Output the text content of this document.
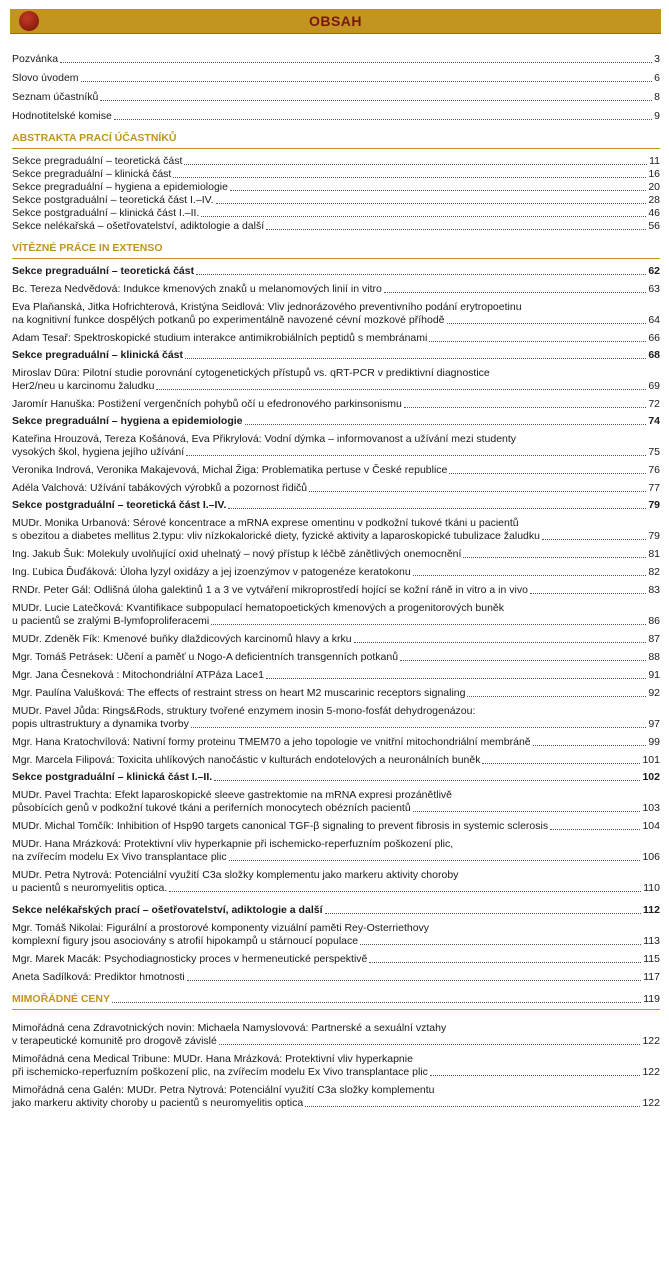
OBSAH
Pozvánka	3
Slovo úvodem	6
Seznam účastníků	8
Hodnotitelské komise	9
ABSTRAKTA PRACÍ ÚČASTNÍKŮ
Sekce pregraduální – teoretická část	11
Sekce pregraduální – klinická část	16
Sekce pregraduální – hygiena a epidemiologie	20
Sekce postgraduální – teoretická část I.–IV.	28
Sekce postgraduální – klinická část I.–II.	46
Sekce nelékařská – ošetřovatelství, adiktologie a další	56
VÍTĚZNÉ PRÁCE IN EXTENSO
Sekce pregraduální – teoretická část	62
Bc. Tereza Nedvědová: Indukce kmenových znaků u melanomových linií in vitro	63
Eva Plaňanská, Jitka Hofrichterová, Kristýna Seidlová: Vliv jednorázového preventivního podání erytropoetinu
na kognitivní funkce dospělých potkanů po experimentálně navozené cévní mozkové příhodě	64
Adam Tesař: Spektroskopické studium interakce antimikrobiálních peptidů s membránami	66
Sekce pregraduální – klinická část	68
Miroslav Dūra: Pilotní studie porovnání cytogenetických přístupů vs. qRT-PCR v prediktivní diagnostice
Her2/neu u karcinomu žaludku	69
Jaromír Hanuška: Postižení vergenčních pohybů očí u efedronového parkinsonismu	72
Sekce pregraduální – hygiena a epidemiologie	74
Kateřina Hrouzová, Tereza Košánová, Eva Přikrylová: Vodní dýmka – informovanost a užívání mezi studenty
vysokých škol, hygiena jejího užívání	75
Veronika Indrová, Veronika Makajevová, Michal Žiga: Problematika pertuse v České republice	76
Adéla Valchová: Užívání tabákových výrobků a pozornost řidičů	77
Sekce postgraduální – teoretická část I.–IV.	79
MUDr. Monika Urbanová: Sérové koncentrace a mRNA exprese omentinu v podkožní tukové tkáni u pacientů
s obezitou a diabetes mellitus 2.typu: vliv nízkokalorické diety, fyzické aktivity a laparoskopické tubulizace žaludku	79
Ing. Jakub Šuk: Molekuly uvolňující oxid uhelnatý – nový přístup k léčbě zánětlivých onemocnění	81
Ing. Ľubica Ďuďáková: Úloha lyzyl oxidázy a jej izoenzýmov v patogenéze keratokonu	82
RNDr. Peter Gál: Odlišná úloha galektinů 1 a 3 ve vytváření mikroprostředí hojící se kožní ráně in vitro a in vivo	83
MUDr. Lucie Latečková: Kvantifikace subpopulací hematopoetických kmenových a progenitorových buněk
u pacientů se zralými B-lymfoproliferacemi	86
MUDr. Zdeněk Fík: Kmenové buňky dlaždicových karcinomů hlavy a krku	87
Mgr. Tomáš Petrásek: Učení a paměť u Nogo-A deficientních transgenních potkanů	88
Mgr. Jana Česneková : Mitochondriální ATPáza Lace1	91
Mgr. Paulína Valušková: The effects of restraint stress on heart M2 muscarinic receptors signaling	92
MUDr. Pavel Jůda: Rings&Rods, struktury tvořené enzymem inosin 5-mono-fosfát dehydrogenázou:
popis ultrastruktury a dynamika tvorby	97
Mgr. Hana Kratochvílová: Nativní formy proteinu TMEM70 a jeho topologie ve vnitřní mitochondriální membráně	99
Mgr. Marcela Filipová: Toxicita uhlíkových nanočástic v kulturách endotelových a neuronálních buněk	101
Sekce postgraduální – klinická část I.–II.	102
MUDr. Pavel Trachta: Efekt laparoskopické sleeve gastrektomie na mRNA expresi prozánětlivě
působících genů v podkožní tukové tkáni a periferních monocytech obézních pacientů	103
MUDr. Michal Tomčík: Inhibition of Hsp90 targets canonical TGF-β signaling to prevent fibrosis in systemic sclerosis	104
MUDr. Hana Mrázková: Protektivní vliv hyperkapnie při ischemicko-reperfuzním poškození plic,
na zvířecím modelu Ex Vivo transplantace plic	106
MUDr. Petra Nytrová: Potenciální využití C3a složky komplementu jako markeru aktivity choroby
u pacientů s neuromyelitis optica.	110
Sekce nelékařských prací – ošetřovatelství, adiktologie a další	112
Mgr. Tomáš Nikolai: Figurální a prostorové komponenty vizuální paměti Rey-Osterriethovy
komplexní figury jsou asociovány s atrofií hipokampů u stárnoucí populace	113
Mgr. Marek Macák: Psychodiagnosticky proces v hermeneutické perspektivě	115
Aneta Sadílková: Prediktor hmotnosti	117
MIMOŘÁDNÉ CENY	119
Mimořádná cena Zdravotnických novin: Michaela Namyslovová: Partnerské a sexuální vztahy
v terapeutické komunitě pro drogově závislé	122
Mimořádná cena Medical Tribune: MUDr. Hana Mrázková: Protektivní vliv hyperkapnie
při ischemicko-reperfuzním poškození plic, na zvířecím modelu Ex Vivo transplantace plic	122
Mimořádná cena Galén: MUDr. Petra Nytrová: Potenciální využití C3a složky komplementu
jako markeru aktivity choroby u pacientů s neuromyelitis optica	122
